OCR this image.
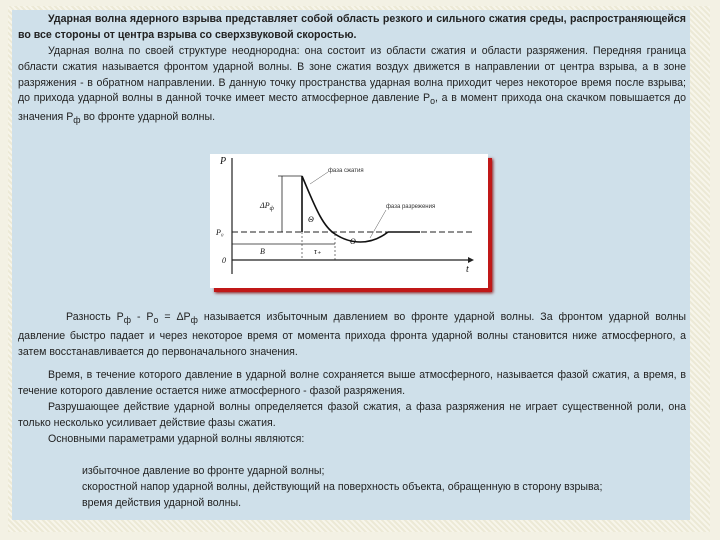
Ударная волна ядерного взрыва представляет собой область резкого и сильного сжатия среды, распространяющейся во все стороны от центра взрыва со сверхзвуковой скоростью.

Ударная волна по своей структуре неоднородна: она состоит из области сжатия и области разряжения. Передняя граница области сжатия называется фронтом ударной волны. В зоне сжатия воздух движется в направлении от центра взрыва, а в зоне разряжения - в обратном направлении. В данную точку пространства ударная волна приходит через некоторое время после взрыва; до прихода ударной волны в данной точке имеет место атмосферное давление $Р_о$, а в момент прихода она скачком повышается до значения $Р_ф$ во фронте ударной волны.

P
t
P₀
0
$\Delta P_ф$
Θ
Θ
τ₊
B
фаза сжатия
фаза разрежения

Разность $Р_ф - Р_о = \Delta Р_ф$ называется избыточным давлением во фронте ударной волны. За фронтом ударной волны давление быстро падает и через некоторое время от момента прихода фронта ударной волны становится ниже атмосферного, а затем восстанавливается до первоначального значения.

Время, в течение которого давление в ударной волне сохраняется выше атмосферного, называется фазой сжатия, а время, в течение которого давление остается ниже атмосферного - фазой разряжения.

Разрушающее действие ударной волны определяется фазой сжатия, а фаза разряжения не играет существенной роли, она только несколько усиливает действие фазы сжатия.

Основными параметрами ударной волны являются:

избыточное давление во фронте ударной волны;
скоростной напор ударной волны, действующий на поверхность объекта, обращенную в сторону взрыва;
время действия ударной волны.
